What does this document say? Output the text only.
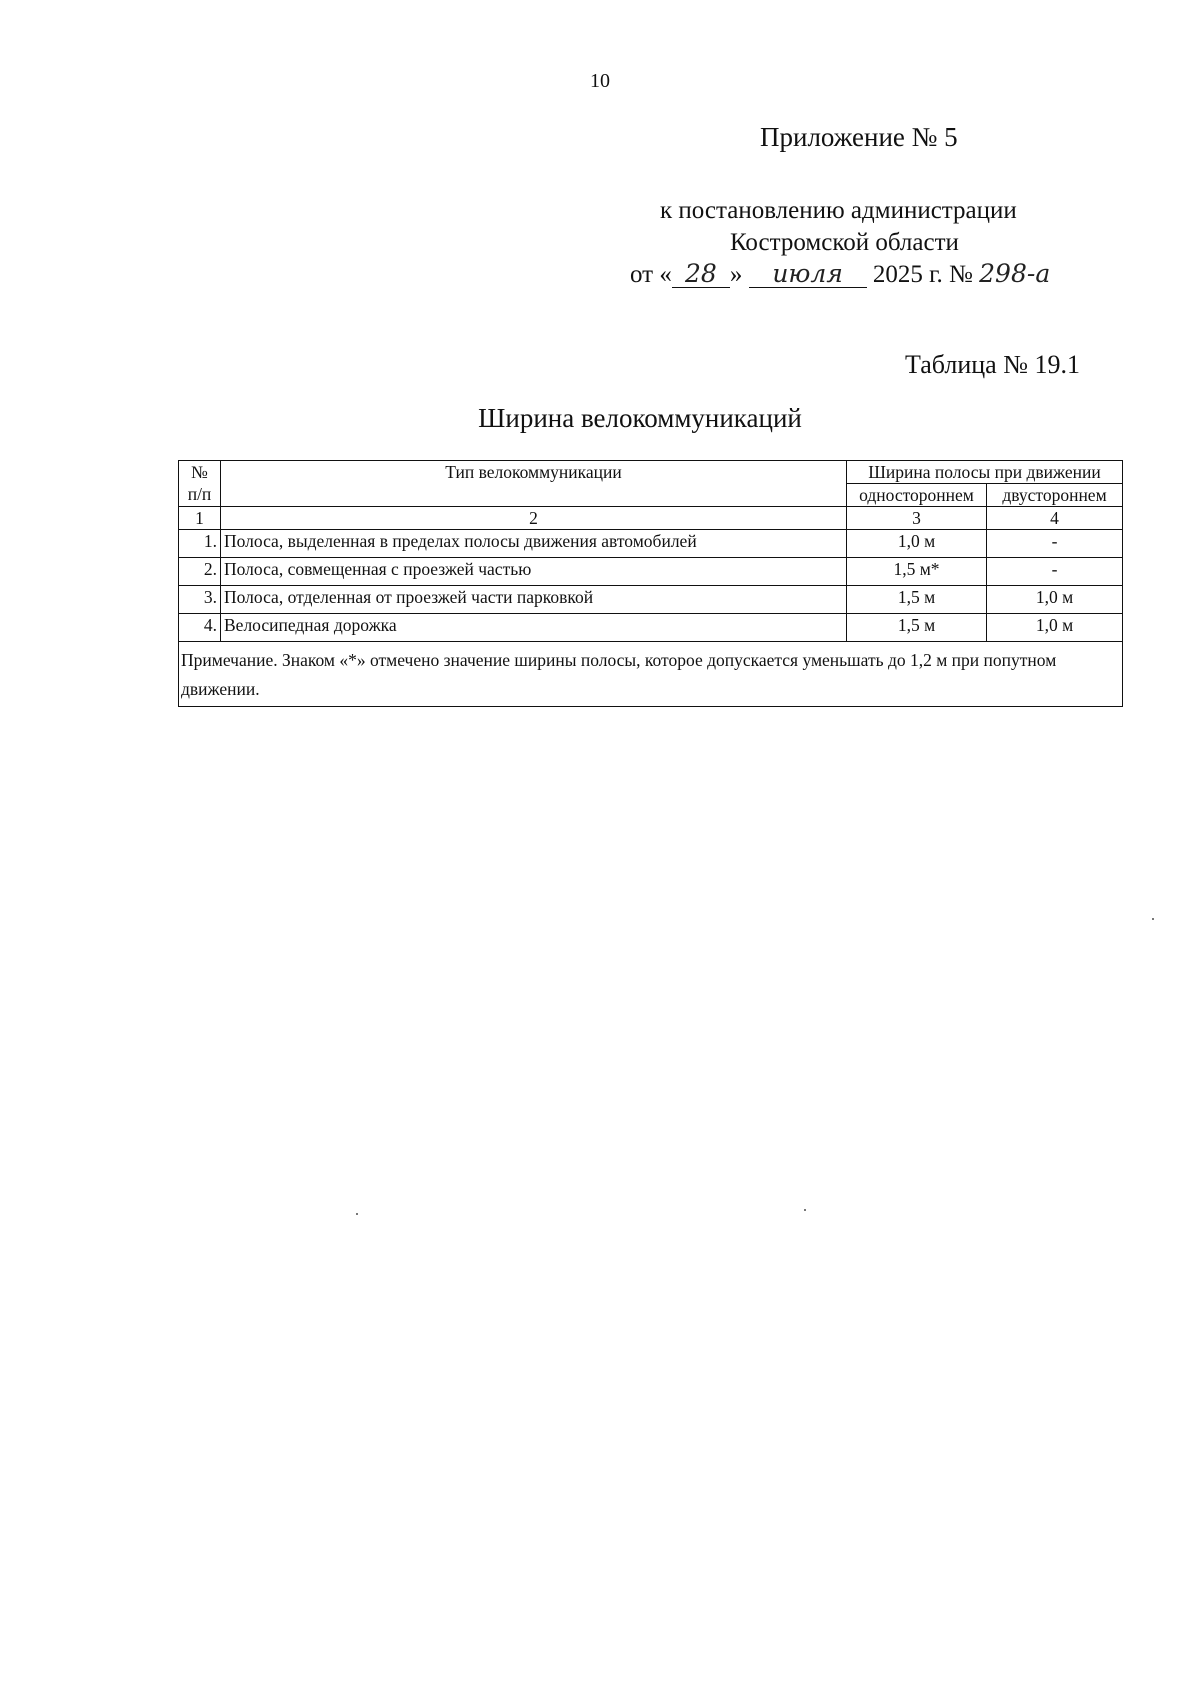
10
Приложение № 5
к постановлению администрации
Костромской области
от « 28 » июля 2025 г. № 298-а
Таблица № 19.1
Ширина велокоммуникаций
№ п/п	Тип велокоммуникации	Ширина полосы при движении	
		одностороннем	двустороннем
1	2	3	4
1.	Полоса, выделенная в пределах полосы движения автомобилей	1,0 м	-
2.	Полоса, совмещенная с проезжей частью	1,5 м*	-
3.	Полоса, отделенная от проезжей части парковкой	1,5 м	1,0 м
4.	Велосипедная дорожка	1,5 м	1,0 м
Примечание. Знаком «*» отмечено значение ширины полосы, которое допускается уменьшать до 1,2 м при попутном движении.			
